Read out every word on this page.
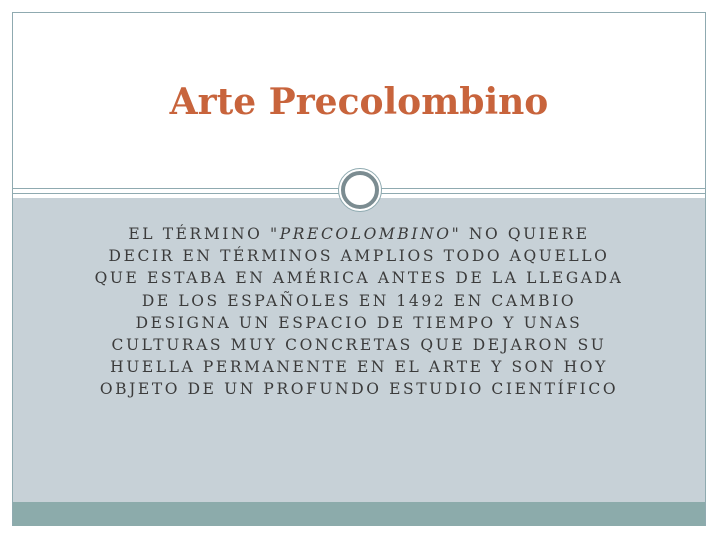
Arte Precolombino
EL TÉRMINO "PRECOLOMBINO" NO QUIERE DECIR EN TÉRMINOS AMPLIOS TODO AQUELLO QUE ESTABA EN AMÉRICA ANTES DE LA LLEGADA DE LOS ESPAÑOLES EN 1492 EN CAMBIO DESIGNA UN ESPACIO DE TIEMPO Y UNAS CULTURAS MUY CONCRETAS QUE DEJARON SU HUELLA PERMANENTE EN EL ARTE Y SON HOY OBJETO DE UN PROFUNDO ESTUDIO CIENTÍFICO
